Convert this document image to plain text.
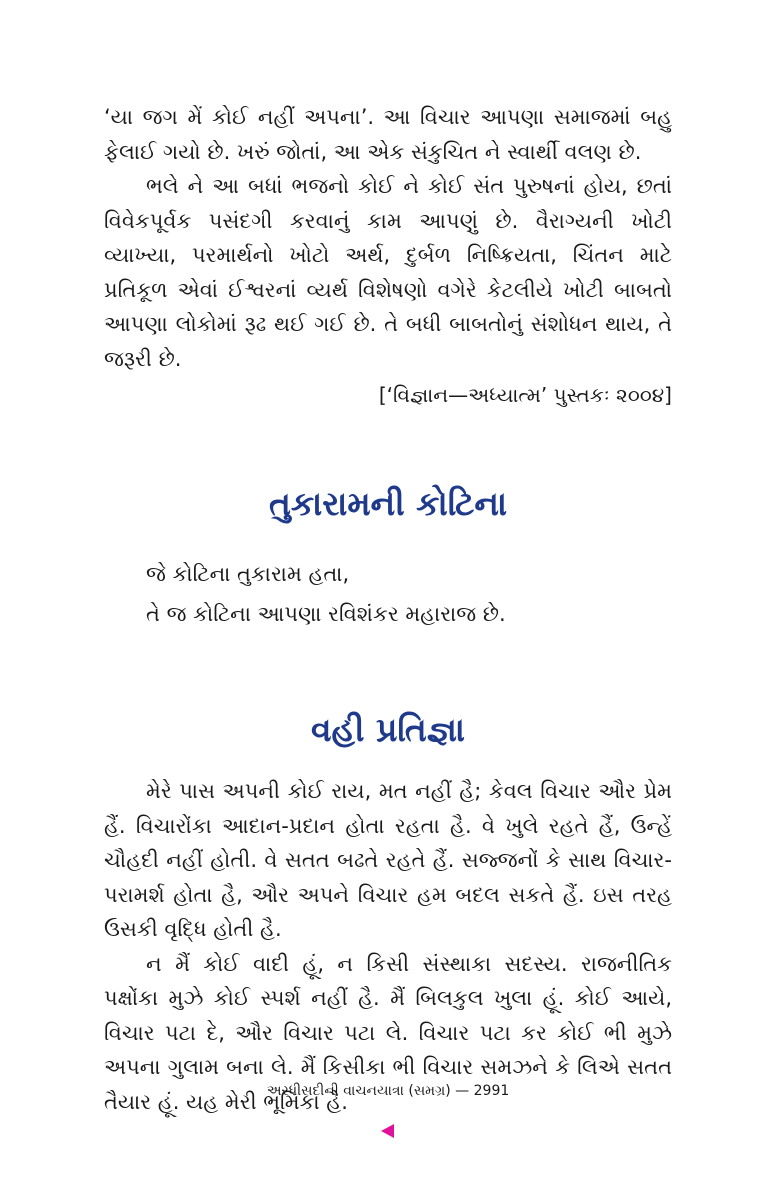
‘યા જગ મેં કોઈ નહીં અપના’. આ વિચાર આપણા સમાજમાં બહુ ફેલાઈ ગયો છે. ખરું જોતાં, આ એક સંકુચિત ને સ્વાર્થી વલણ છે.

ભલે ને આ બધાં ભજનો કોઈ ને કોઈ સંત પુરુષનાં હોય, છતાં વિવેકપૂર્વક પસંદગી કરવાનું કામ આપણું છે. વૈરાગ્યની ખોટી વ્યાખ્યા, પરમાર્થનો ખોટો અર્થ, દુર્બળ નિષ્ક્રિયતા, ચિંતન માટે પ્રતિકૂળ એવાં ઈશ્વરનાં વ્યર્થ વિશેષણો વગેરે કેટલીયે ખોટી બાબતો આપણા લોકોમાં રૂઢ થઈ ગઈ છે. તે બધી બાબતોનું સંશોધન થાય, તે જરૂરી છે.

[‘વિજ્ઞાન—અધ્યાત્મ’ પુસ્તકઃ ૨૦૦૪]

તુકારામની કોટિના

જે કોટિના તુકારામ હતા,

તે જ કોટિના આપણા રવિશંકર મહારાજ છે.

વહી પ્રતિજ્ઞા

મેરે પાસ અપની કોઈ રાય, મત નહીં હૈ; કેવલ વિચાર ઔર પ્રેમ હૈં. વિચારોંકા આદાન-પ્રદાન હોતા રહતા હૈ. વે ખુલે રહતે હૈં, ઉન્હેં ચૌહદી નહીં હોતી. વે સતત બઢતે રહતે હૈં. સજ્જનોં કે સાથ વિચાર-પરામર્શ હોતા હૈ, ઔર અપને વિચાર હમ બદલ સકતે હૈં. ઇસ તરહ ઉસકી વૃદ્ધિ હોતી હૈ.

ન મૈં કોઈ વાદી હૂં, ન કિસી સંસ્થાકા સદસ્ય. રાજનીતિક પક્ષોંકા મુઝે કોઈ સ્પર્શ નહીં હૈ. મૈં બિલકુલ ખુલા હૂં. કોઈ આયે, વિચાર પટા દે, ઔર વિચાર પટા લે. વિચાર પટા કર કોઈ ભી મુઝે અપના ગુલામ બના લે. મૈં કિસીકા ભી વિચાર સમઝને કે લિએ સતત તૈયાર હૂં. યહ મેરી ભૂમિકા હૈ.

અરધીસદીની વાચનયાત્રા (સમગ્ર) — 2991
